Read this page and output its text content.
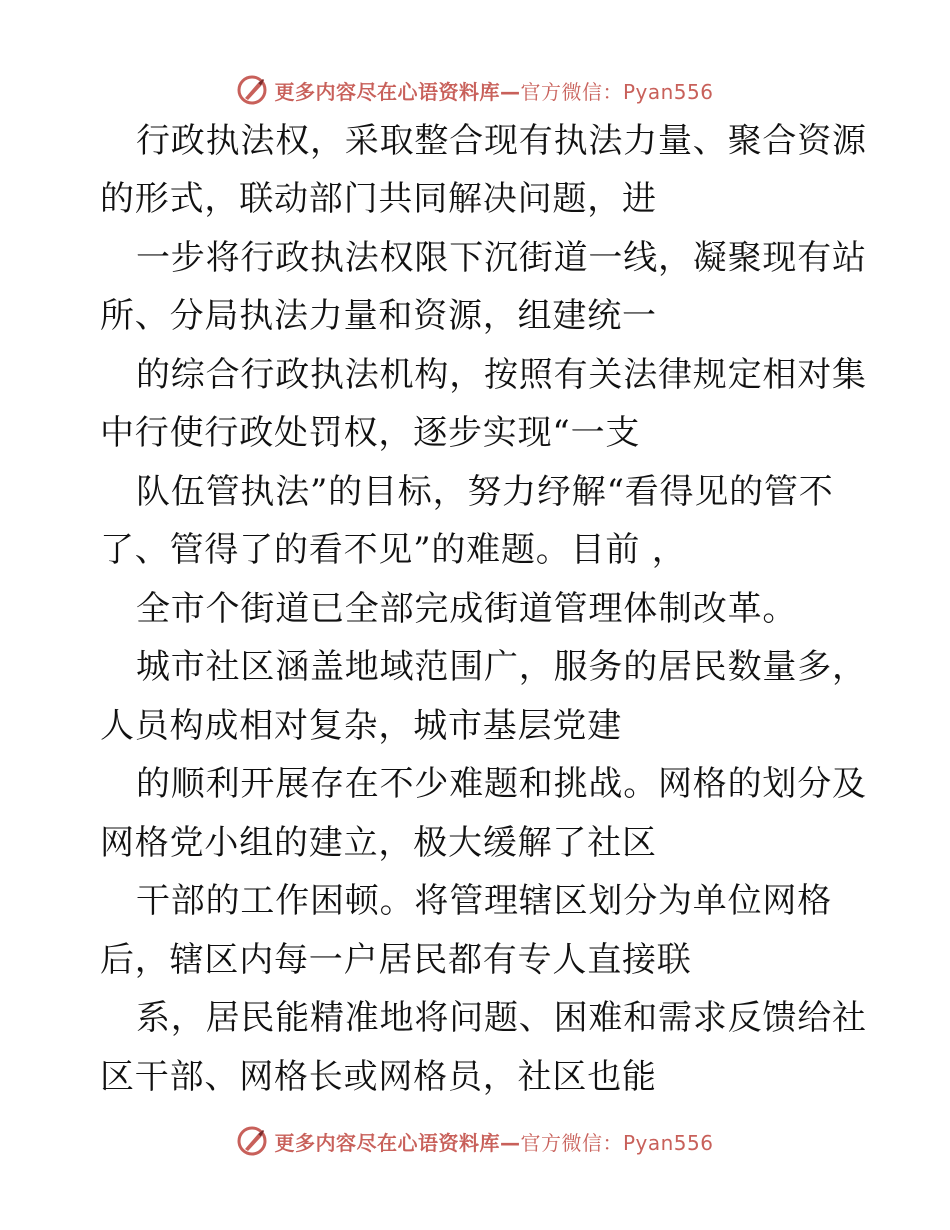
更多内容尽在心语资料库—官方微信：Pyan556
行政执法权，采取整合现有执法力量、聚合资源
的形式，联动部门共同解决问题，进
一步将行政执法权限下沉街道一线，凝聚现有站
所、分局执法力量和资源，组建统一
的综合行政执法机构，按照有关法律规定相对集
中行使行政处罚权，逐步实现“一支
队伍管执法”的目标，努力纾解“看得见的管不
了、管得了的看不见”的难题。目前 ，
全市个街道已全部完成街道管理体制改革。
城市社区涵盖地域范围广，服务的居民数量多，
人员构成相对复杂，城市基层党建
的顺利开展存在不少难题和挑战。网格的划分及
网格党小组的建立，极大缓解了社区
干部的工作困顿。将管理辖区划分为单位网格
后，辖区内每一户居民都有专人直接联
系，居民能精准地将问题、困难和需求反馈给社
区干部、网格长或网格员，社区也能
更多内容尽在心语资料库—官方微信：Pyan556
